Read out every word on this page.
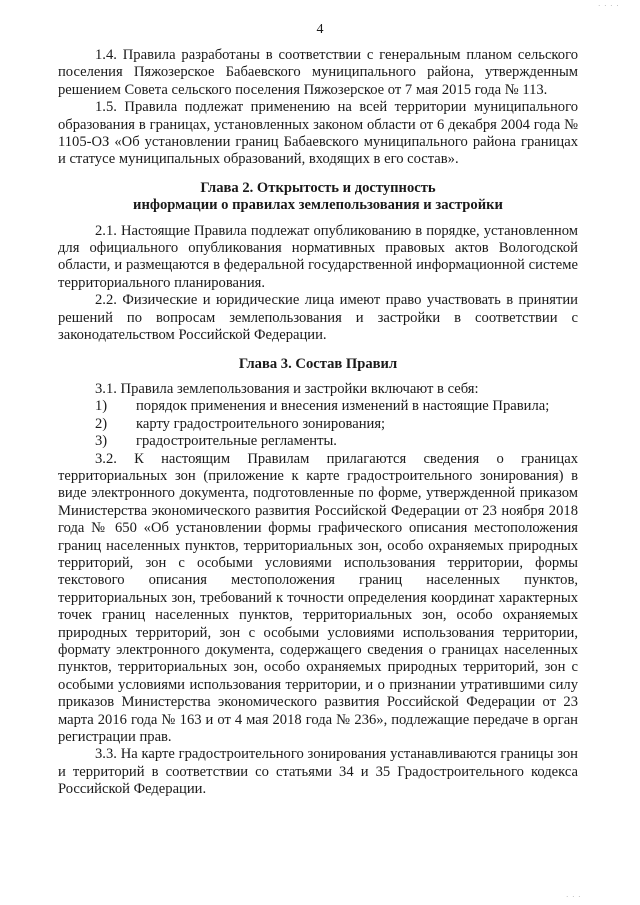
4

1.4. Правила разработаны в соответствии с генеральным планом сельского поселения Пяжозерское Бабаевского муниципального района, утвержденным решением Совета сельского поселения Пяжозерское от 7 мая 2015 года № 113.

1.5. Правила подлежат применению на всей территории муниципального образования в границах, установленных законом области от 6 декабря 2004 года № 1105-ОЗ «Об установлении границ Бабаевского муниципального района границах и статусе муниципальных образований, входящих в его состав».

Глава 2. Открытость и доступность
информации о правилах землепользования и застройки

2.1. Настоящие Правила подлежат опубликованию в порядке, установленном для официального опубликования нормативных правовых актов Вологодской области, и размещаются в федеральной государственной информационной системе территориального планирования.

2.2. Физические и юридические лица имеют право участвовать в принятии решений по вопросам землепользования и застройки в соответствии с законодательством Российской Федерации.

Глава 3. Состав Правил

3.1. Правила землепользования и застройки включают в себя:

1)	порядок применения и внесения изменений в настоящие Правила;
2)	карту градостроительного зонирования;
3)	градостроительные регламенты.

3.2. К настоящим Правилам прилагаются сведения о границах территориальных зон (приложение к карте градостроительного зонирования) в виде электронного документа, подготовленные по форме, утвержденной приказом Министерства экономического развития Российской Федерации от 23 ноября 2018 года № 650 «Об установлении формы графического описания местоположения границ населенных пунктов, территориальных зон, особо охраняемых природных территорий, зон с особыми условиями использования территории, формы текстового описания местоположения границ населенных пунктов, территориальных зон, требований к точности определения координат характерных точек границ населенных пунктов, территориальных зон, особо охраняемых природных территорий, зон с особыми условиями использования территории, формату электронного документа, содержащего сведения о границах населенных пунктов, территориальных зон, особо охраняемых природных территорий, зон с особыми условиями использования территории, и о признании утратившими силу приказов Министерства экономического развития Российской Федерации от 23 марта 2016 года № 163 и от 4 мая 2018 года № 236», подлежащие передаче в орган регистрации прав.

3.3. На карте градостроительного зонирования устанавливаются границы зон и территорий в соответствии со статьями 34 и 35 Градостроительного кодекса Российской Федерации.

· · · ·
· · ·
